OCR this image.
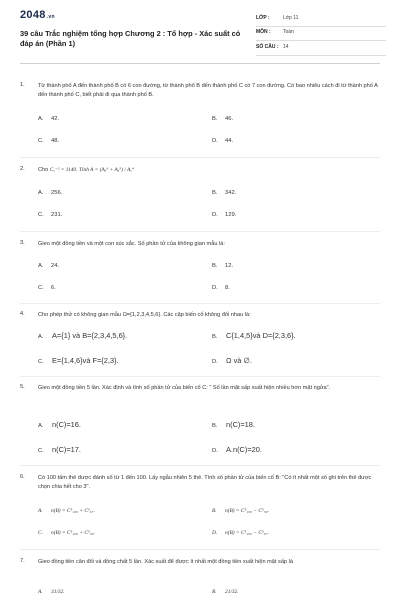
2048.vn
39 câu Trắc nghiệm tổng hợp Chương 2 : Tổ hợp - Xác suất có đáp án (Phần 1)
LỚP :	Lớp 11
MÔN : Toán
SỐ CÂU : 14
1. Từ thành phố A đến thành phố B có 6 con đường, từ thành phố B đến thành phố C có 7 con đường. Có bao nhiêu cách đi từ thành phố A đến thành phố C, biết phải đi qua thành phố B.
A. 42.	B. 46.
C. 48.	D. 44.
2. Cho Cₓ⁻² = 1140. Tính A = (Aₓ⁶ + Aₓ⁵) / Aₓ⁴
A. 256.	B. 342.
C. 231.	D. 129.
3. Gieo một đồng tiền và một con súc sắc. Số phần tử của không gian mẫu là:
A. 24.	B. 12.
C. 6.	D. 8.
4. Cho phép thử có không gian mẫu Ω={1,2,3,4,5,6}. Các cặp biến cố không đối nhau là:
A. A={1} và B={2,3,4,5,6}.	B. C{1,4,5}và D={2,3,6}.
C. E={1,4,6}và F={2,3}.	D. Ω và ∅.
5. Gieo một đồng tiền 5 lần. Xác định và tính số phần tử của biến cố C: " Số lần mặt sấp xuất hiện nhiều hơn mặt ngửa".
A. n(C)=16.	B. n(C)=18.
C. n(C)=17.	D. A.n(C)=20.
6. Có 100 tấm thẻ được đánh số từ 1 đến 100. Lấy ngẫu nhiên 5 thẻ. Tính số phần tử của biến cố B: "Có ít nhất một số ghi trên thẻ được chọn chia hết cho 3".
A. n(B) = C⁵₁₀₀ + C⁵₆₇.	B. n(B) = C⁵₁₀₀ − C⁵₅₀.
C. n(B) = C⁵₁₀₀ + C⁵₅₀.	D. n(B) = C⁵₁₀₀ − C⁵₆₇.
7. Gieo đồng tiền cân đối và đồng chất 5 lần. Xác suất để được ít nhất một đồng tiền xuất hiện mặt sấp là
A. 31/32.	B. 21/32.
